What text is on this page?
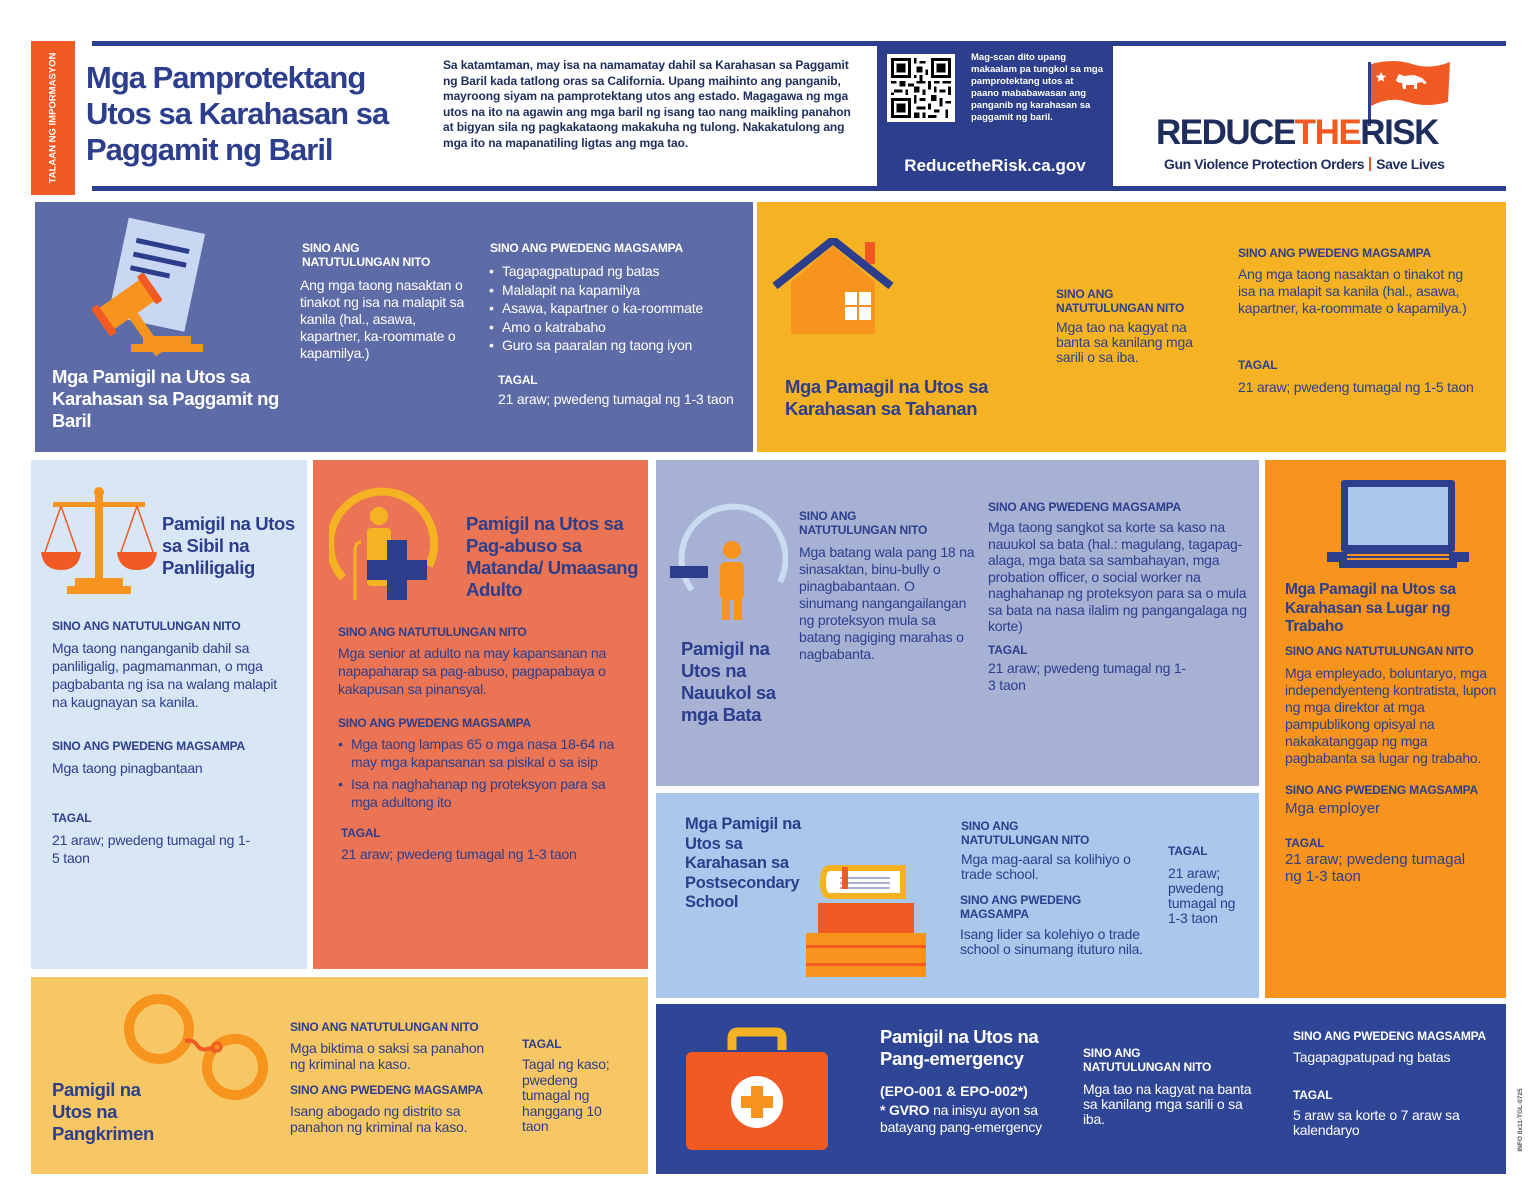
TALAAN NG IMPORMASYON Mga Pamprotektang
Utos sa Karahasan sa
Paggamit ng Baril
Sa katamtaman, may isa na namamatay dahil sa Karahasan sa Paggamit ng Baril kada tatlong oras sa California. Upang maihinto ang panganib, mayroong siyam na pamprotektang utos ang estado. Magagawa ng mga utos na ito na agawin ang mga baril ng isang tao nang maikling panahon at bigyan sila ng pagkakataong makakuha ng tulong. Nakakatulong ang mga ito na mapanatiling ligtas ang mga tao.
Mag-scan dito upang makaalam pa tungkol sa mga pamprotektang utos at paano mababawasan ang panganib ng karahasan sa paggamit ng baril.
ReducetheRisk.ca.gov
REDUCETHERISK
Gun Violence Protection Orders Save Lives
Mga Pamigil na Utos sa Karahasan sa Paggamit ng Baril
SINO ANG NATUTULUNGAN NITO
Ang mga taong nasaktan o tinakot ng isa na malapit sa kanila (hal., asawa, kapartner, ka-roommate o kapamilya.)
SINO ANG PWEDENG MAGSAMPA
• Tagapagpatupad ng batas
• Malalapit na kapamilya
• Asawa, kapartner o ka-roommate
• Amo o katrabaho
• Guro sa paaralan ng taong iyon
TAGAL
21 araw; pwedeng tumagal ng 1-3 taon
Mga Pamagil na Utos sa Karahasan sa Tahanan
SINO ANG NATUTULUNGAN NITO
Mga tao na kagyat na banta sa kanilang mga sarili o sa iba.
SINO ANG PWEDENG MAGSAMPA
Ang mga taong nasaktan o tinakot ng isa na malapit sa kanila (hal., asawa, kapartner, ka-roommate o kapamilya.)
TAGAL
21 araw; pwedeng tumagal ng 1-5 taon
Pamigil na Utos sa Sibil na Panliligalig
SINO ANG NATUTULUNGAN NITO
Mga taong nanganganib dahil sa panliligalig, pagmamanman, o mga pagbabanta ng isa na walang malapit na kaugnayan sa kanila.
SINO ANG PWEDENG MAGSAMPA
Mga taong pinagbantaan
TAGAL
21 araw; pwedeng tumagal ng 1-5 taon
Pamigil na Utos sa Pag-abuso sa Matanda/ Umaasang Adulto
SINO ANG NATUTULUNGAN NITO
Mga senior at adulto na may kapansanan na napapaharap sa pag-abuso, pagpapabaya o kakapusan sa pinansyal.
SINO ANG PWEDENG MAGSAMPA
• Mga taong lampas 65 o mga nasa 18-64 na may mga kapansanan sa pisikal o sa isip
• Isa na naghahanap ng proteksyon para sa mga adultong ito
TAGAL
21 araw; pwedeng tumagal ng 1-3 taon
Pamigil na Utos na Nauukol sa mga Bata
SINO ANG NATUTULUNGAN NITO
Mga batang wala pang 18 na sinasaktan, binu-bully o pinagbabantaan. O sinumang nangangailangan ng proteksyon mula sa batang nagiging marahas o nagbabanta.
SINO ANG PWEDENG MAGSAMPA
Mga taong sangkot sa korte sa kaso na nauukol sa bata (hal.: magulang, tagapag-alaga, mga bata sa sambahayan, mga probation officer, o social worker na naghahanap ng proteksyon para sa o mula sa bata na nasa ilalim ng pangangalaga ng korte)
TAGAL
21 araw; pwedeng tumagal ng 1-3 taon
Mga Pamagil na Utos sa Karahasan sa Lugar ng Trabaho
SINO ANG NATUTULUNGAN NITO
Mga empleyado, boluntaryo, mga independyenteng kontratista, lupon ng mga direktor at mga pampublikong opisyal na nakakatanggap ng mga pagbabanta sa lugar ng trabaho.
SINO ANG PWEDENG MAGSAMPA
Mga employer
TAGAL
21 araw; pwedeng tumagal ng 1-3 taon
Mga Pamigil na Utos sa Karahasan sa Postsecondary School
SINO ANG NATUTULUNGAN NITO
Mga mag-aaral sa kolihiyo o trade school.
SINO ANG PWEDENG MAGSAMPA
Isang lider sa kolehiyo o trade school o sinumang ituturo nila.
TAGAL
21 araw; pwedeng tumagal ng 1-3 taon
Pamigil na Utos na Pangkrimen
SINO ANG NATUTULUNGAN NITO
Mga biktima o saksi sa panahon ng kriminal na kaso.
SINO ANG PWEDENG MAGSAMPA
Isang abogado ng distrito sa panahon ng kriminal na kaso.
TAGAL
Tagal ng kaso; pwedeng tumagal ng hanggang 10 taon
Pamigil na Utos na Pang-emergency
(EPO-001 & EPO-002*)
* GVRO na inisyu ayon sa batayang pang-emergency
SINO ANG NATUTULUNGAN NITO
Mga tao na kagyat na banta sa kanilang mga sarili o sa iba.
SINO ANG PWEDENG MAGSAMPA
Tagapagpatupad ng batas
TAGAL
5 araw sa korte o 7 araw sa kalendaryo	INFO 8x11-TGL-0725
